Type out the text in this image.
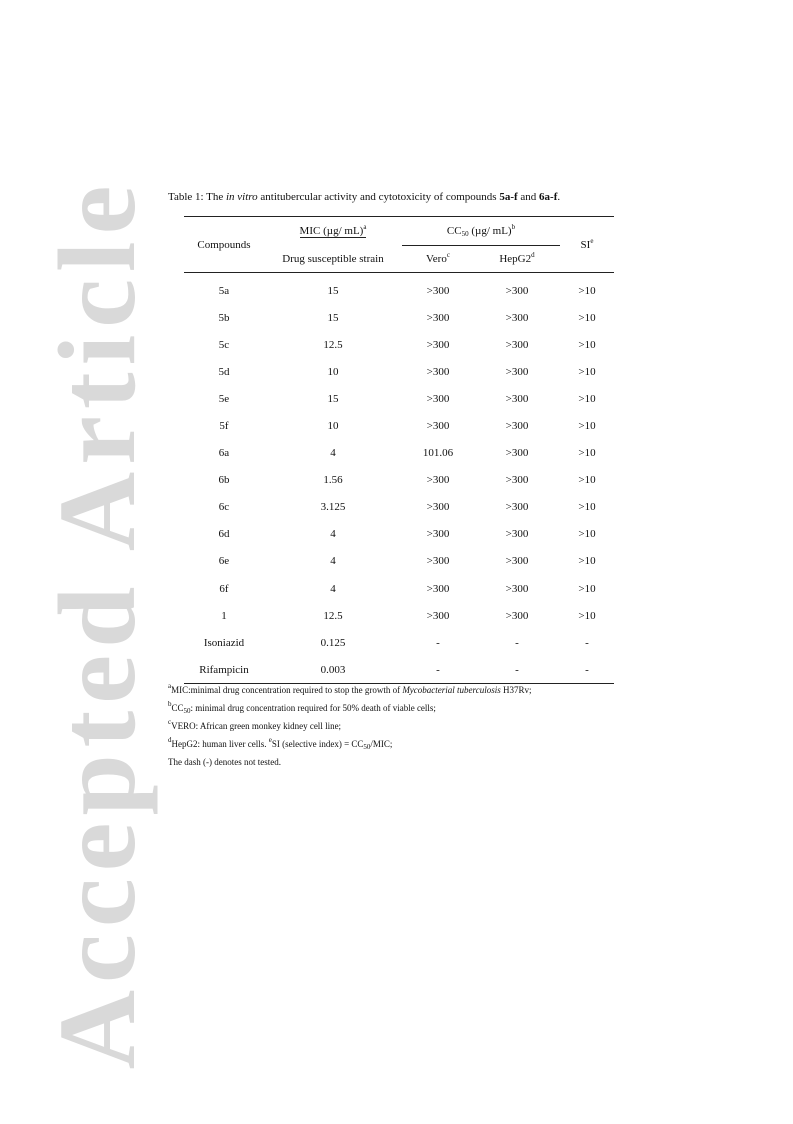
Accepted Article Table 1: The in vitro antitubercular activity and cytotoxicity of compounds 5a-f and 6a-f.
Compounds	MIC (µg/ mL)$^a$	$CC_{50}$ (µg/ mL)$^b$		$SI^e$
	Drug susceptible strain	Vero$^c$	HepG2$^d$
5a	15	>300	>300	>10
5b	15	>300	>300	>10
5c	12.5	>300	>300	>10
5d	10	>300	>300	>10
5e	15	>300	>300	>10
5f	10	>300	>300	>10
6a	4	101.06	>300	>10
6b	1.56	>300	>300	>10
6c	3.125	>300	>300	>10
6d	4	>300	>300	>10
6e	4	>300	>300	>10
6f	4	>300	>300	>10
1	12.5	>300	>300	>10
Isoniazid	0.125	-	-	-
Rifampicin	0.003	-	-	-
$^a$MIC:minimal drug concentration required to stop the growth of Mycobacterial tuberculosis H37Rv;
$^bCC_{50}$: minimal drug concentration required for 50% death of viable cells;
$^c$VERO: African green monkey kidney cell line;
$^d$HepG2: human liver cells. $^e$SI (selective index) = $CC_{50}$/MIC;
The dash (-) denotes not tested.
